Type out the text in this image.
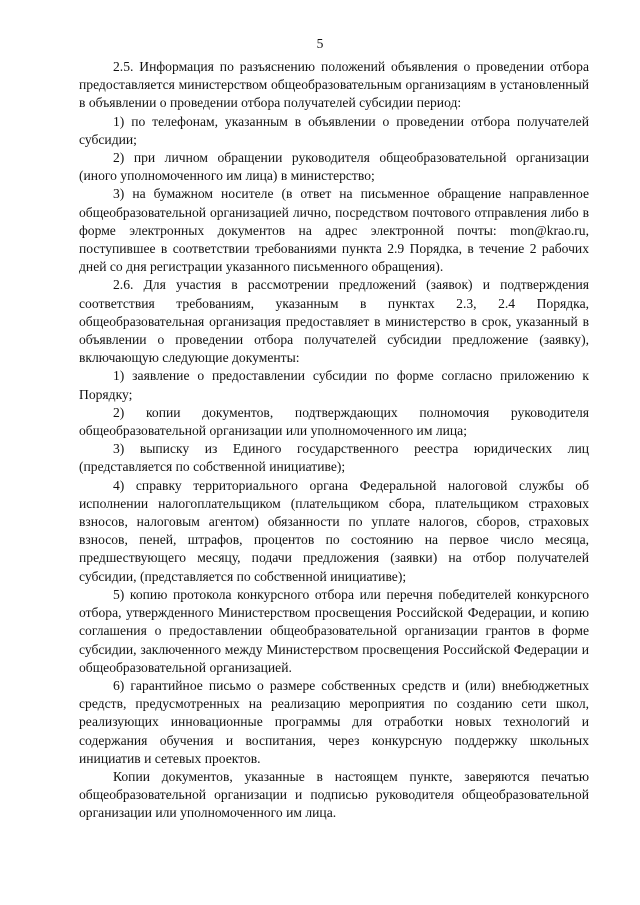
5

2.5. Информация по разъяснению положений объявления о проведении отбора предоставляется министерством общеобразовательным организациям в установленный в объявлении о проведении отбора получателей субсидии период:

1) по телефонам, указанным в объявлении о проведении отбора получателей субсидии;

2) при личном обращении руководителя общеобразовательной организации (иного уполномоченного им лица) в министерство;

3) на бумажном носителе (в ответ на письменное обращение направленное общеобразовательной организацией лично, посредством почтового отправления либо в форме электронных документов на адрес электронной почты: mon@krao.ru, поступившее в соответствии требованиями пункта 2.9 Порядка, в течение 2 рабочих дней со дня регистрации указанного письменного обращения).

2.6. Для участия в рассмотрении предложений (заявок) и подтверждения соответствия требованиям, указанным в пунктах 2.3, 2.4 Порядка, общеобразовательная организация предоставляет в министерство в срок, указанный в объявлении о проведении отбора получателей субсидии предложение (заявку), включающую следующие документы:

1) заявление о предоставлении субсидии по форме согласно приложению к Порядку;

2) копии документов, подтверждающих полномочия руководителя общеобразовательной организации или уполномоченного им лица;

3) выписку из Единого государственного реестра юридических лиц (представляется по собственной инициативе);

4) справку территориального органа Федеральной налоговой службы об исполнении налогоплательщиком (плательщиком сбора, плательщиком страховых взносов, налоговым агентом) обязанности по уплате налогов, сборов, страховых взносов, пеней, штрафов, процентов по состоянию на первое число месяца, предшествующего месяцу, подачи предложения (заявки) на отбор получателей субсидии, (представляется по собственной инициативе);

5) копию протокола конкурсного отбора или перечня победителей конкурсного отбора, утвержденного Министерством просвещения Российской Федерации, и копию соглашения о предоставлении общеобразовательной организации грантов в форме субсидии, заключенного между Министерством просвещения Российской Федерации и общеобразовательной организацией.

6) гарантийное письмо о размере собственных средств и (или) внебюджетных средств, предусмотренных на реализацию мероприятия по созданию сети школ, реализующих инновационные программы для отработки новых технологий и содержания обучения и воспитания, через конкурсную поддержку школьных инициатив и сетевых проектов.

Копии документов, указанные в настоящем пункте, заверяются печатью общеобразовательной организации и подписью руководителя общеобразовательной организации или уполномоченного им лица.
